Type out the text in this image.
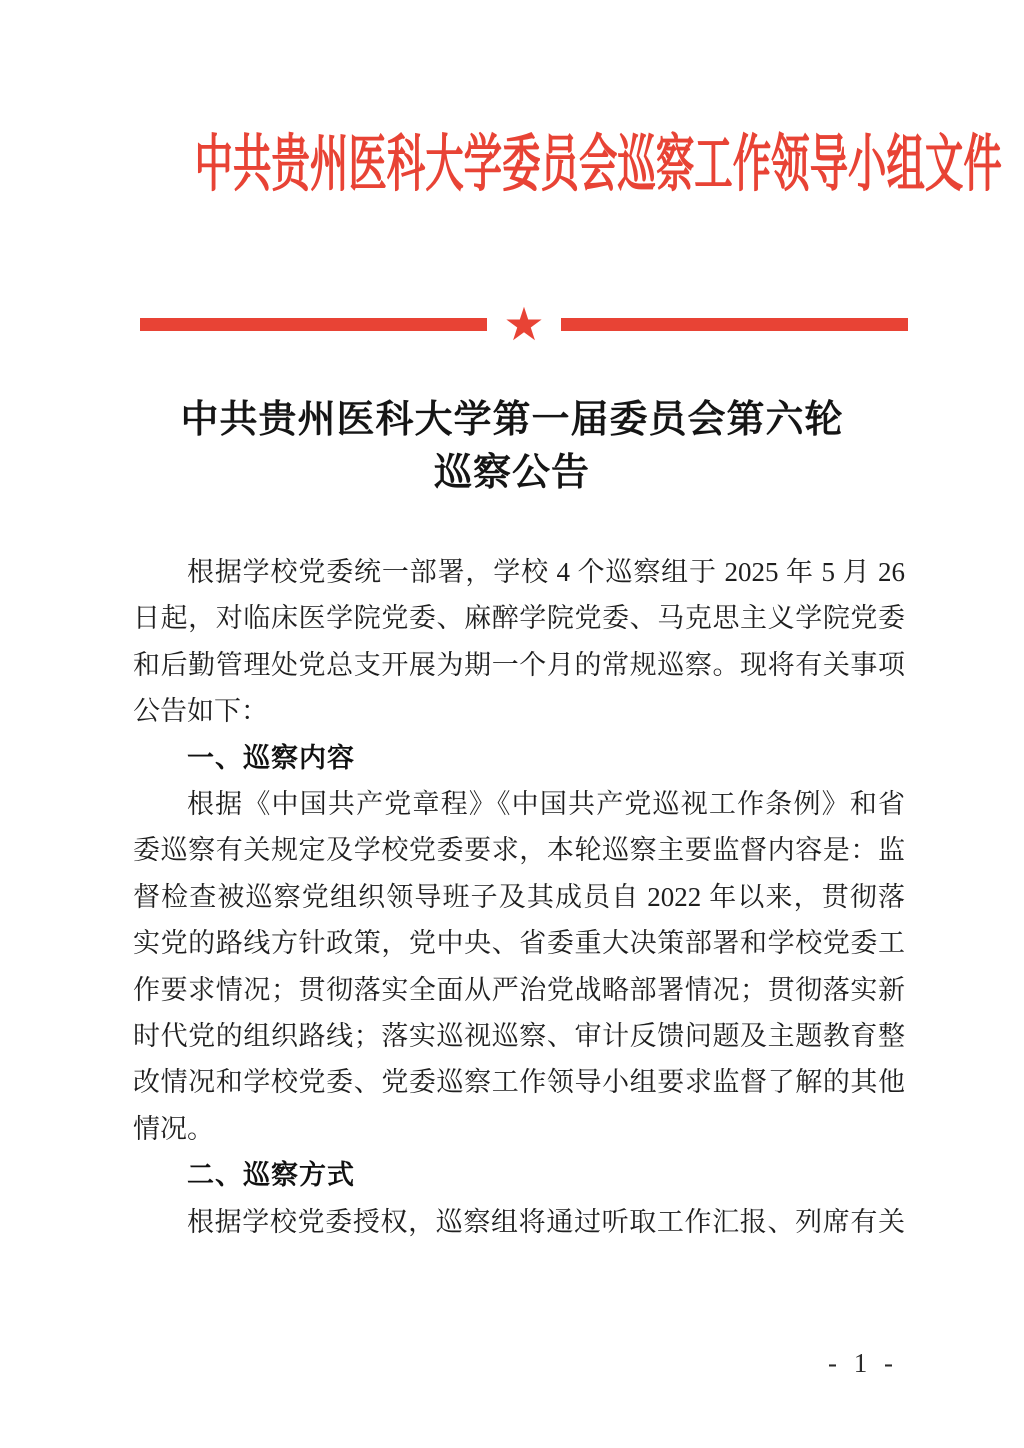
中共贵州医科大学委员会巡察工作领导小组文件
★
中共贵州医科大学第一届委员会第六轮
巡察公告
根据学校党委统一部署，学校 4 个巡察组于 2025 年 5 月 26
日起，对临床医学院党委、麻醉学院党委、马克思主义学院党委
和后勤管理处党总支开展为期一个月的常规巡察。现将有关事项
公告如下：
一、巡察内容
根据《中国共产党章程》《中国共产党巡视工作条例》和省
委巡察有关规定及学校党委要求，本轮巡察主要监督内容是：监
督检查被巡察党组织领导班子及其成员自 2022 年以来，贯彻落
实党的路线方针政策，党中央、省委重大决策部署和学校党委工
作要求情况；贯彻落实全面从严治党战略部署情况；贯彻落实新
时代党的组织路线；落实巡视巡察、审计反馈问题及主题教育整
改情况和学校党委、党委巡察工作领导小组要求监督了解的其他
情况。
二、巡察方式
根据学校党委授权，巡察组将通过听取工作汇报、列席有关
- 1 -
